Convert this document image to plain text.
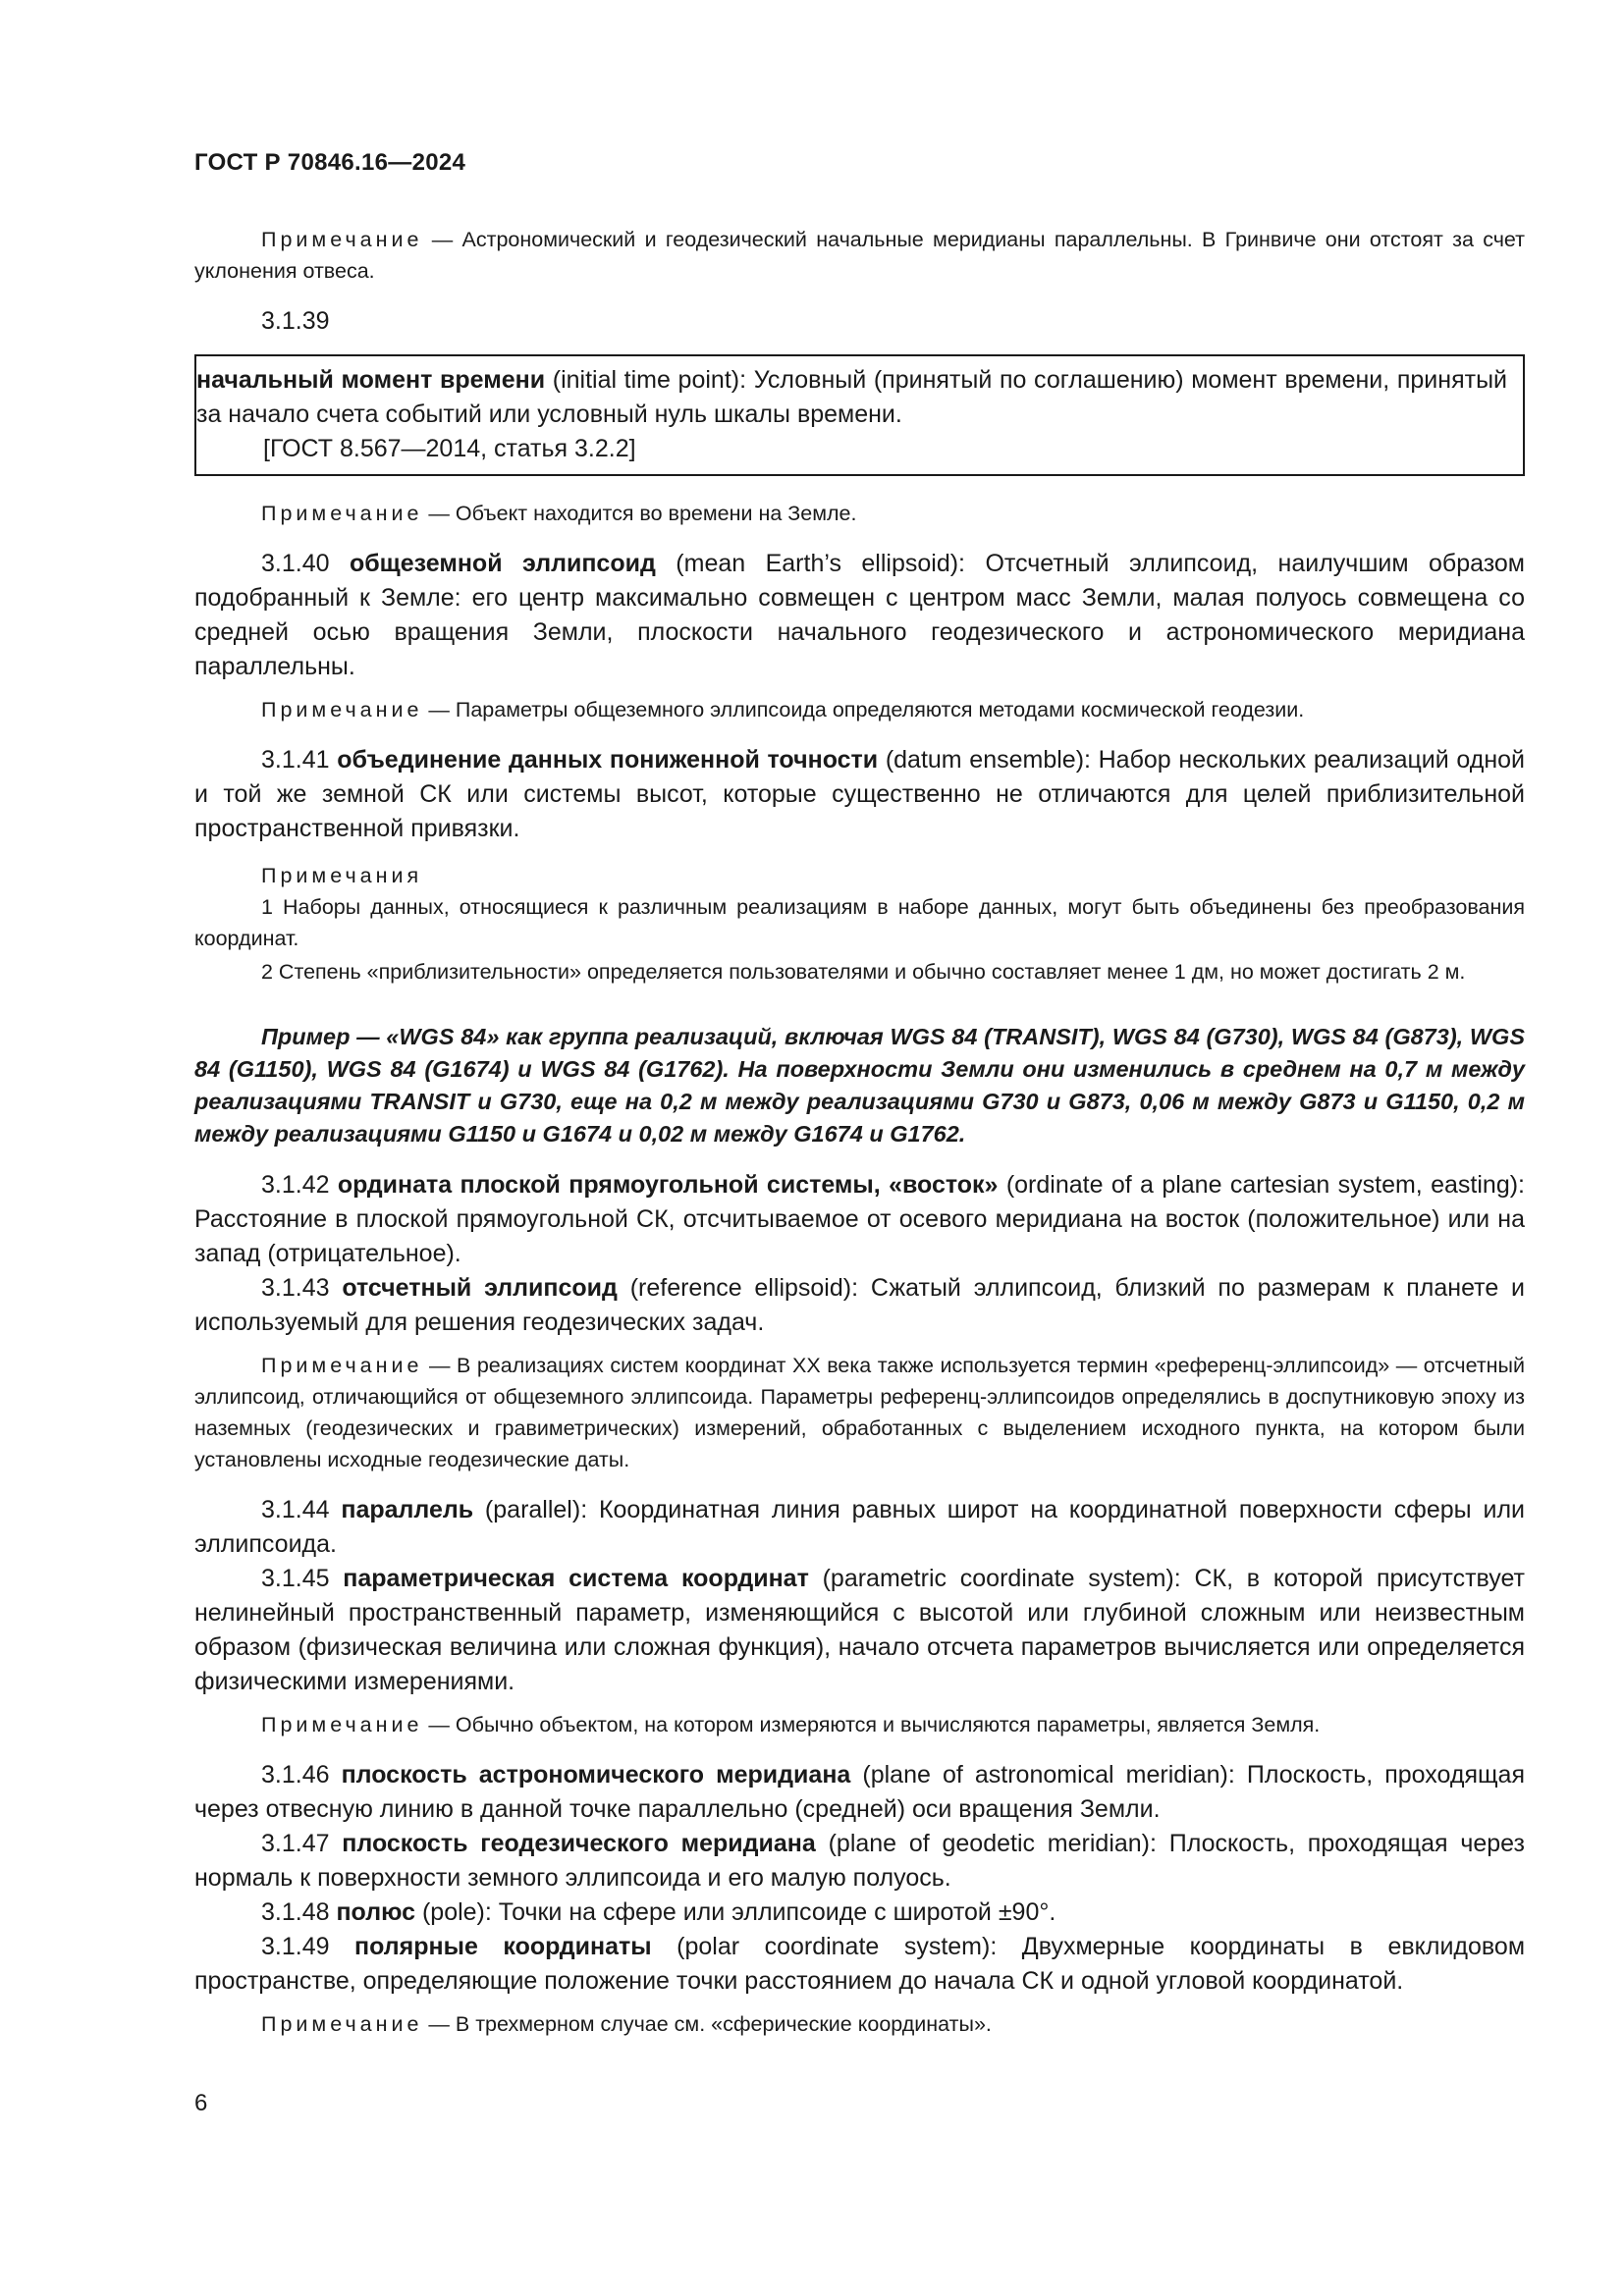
ГОСТ Р 70846.16—2024

Примечание — Астрономический и геодезический начальные меридианы параллельны. В Гринвиче они отстоят за счет уклонения отвеса.

3.1.39

начальный момент времени (initial time point): Условный (принятый по соглашению) момент времени, принятый за начало счета событий или условный нуль шкалы времени.

[ГОСТ 8.567—2014, статья 3.2.2]

Примечание — Объект находится во времени на Земле.

3.1.40 общеземной эллипсоид (mean Earth’s ellipsoid): Отсчетный эллипсоид, наилучшим образом подобранный к Земле: его центр максимально совмещен с центром масс Земли, малая полуось совмещена со средней осью вращения Земли, плоскости начального геодезического и астрономического меридиана параллельны.

Примечание — Параметры общеземного эллипсоида определяются методами космической геодезии.

3.1.41 объединение данных пониженной точности (datum ensemble): Набор нескольких реализаций одной и той же земной СК или системы высот, которые существенно не отличаются для целей приблизительной пространственной привязки.

Примечания

1 Наборы данных, относящиеся к различным реализациям в наборе данных, могут быть объединены без преобразования координат.

2 Степень «приблизительности» определяется пользователями и обычно составляет менее 1 дм, но может достигать 2 м.

Пример — «WGS 84» как группа реализаций, включая WGS 84 (TRANSIT), WGS 84 (G730), WGS 84 (G873), WGS 84 (G1150), WGS 84 (G1674) и WGS 84 (G1762). На поверхности Земли они изменились в среднем на 0,7 м между реализациями TRANSIT и G730, еще на 0,2 м между реализациями G730 и G873, 0,06 м между G873 и G1150, 0,2 м между реализациями G1150 и G1674 и 0,02 м между G1674 и G1762.

3.1.42 ордината плоской прямоугольной системы, «восток» (ordinate of a plane cartesian system, easting): Расстояние в плоской прямоугольной СК, отсчитываемое от осевого меридиана на восток (положительное) или на запад (отрицательное).

3.1.43 отсчетный эллипсоид (reference ellipsoid): Сжатый эллипсоид, близкий по размерам к планете и используемый для решения геодезических задач.

Примечание — В реализациях систем координат XX века также используется термин «референц-эллипсоид» — отсчетный эллипсоид, отличающийся от общеземного эллипсоида. Параметры референц-эллипсоидов определялись в доспутниковую эпоху из наземных (геодезических и гравиметрических) измерений, обработанных с выделением исходного пункта, на котором были установлены исходные геодезические даты.

3.1.44 параллель (parallel): Координатная линия равных широт на координатной поверхности сферы или эллипсоида.

3.1.45 параметрическая система координат (parametric coordinate system): СК, в которой присутствует нелинейный пространственный параметр, изменяющийся с высотой или глубиной сложным или неизвестным образом (физическая величина или сложная функция), начало отсчета параметров вычисляется или определяется физическими измерениями.

Примечание — Обычно объектом, на котором измеряются и вычисляются параметры, является Земля.

3.1.46 плоскость астрономического меридиана (plane of astronomical meridian): Плоскость, проходящая через отвесную линию в данной точке параллельно (средней) оси вращения Земли.

3.1.47 плоскость геодезического меридиана (plane of geodetic meridian): Плоскость, проходящая через нормаль к поверхности земного эллипсоида и его малую полуось.

3.1.48 полюс (pole): Точки на сфере или эллипсоиде с широтой ±90°.

3.1.49 полярные координаты (polar coordinate system): Двухмерные координаты в евклидовом пространстве, определяющие положение точки расстоянием до начала СК и одной угловой координатой.

Примечание — В трехмерном случае см. «сферические координаты».

6
